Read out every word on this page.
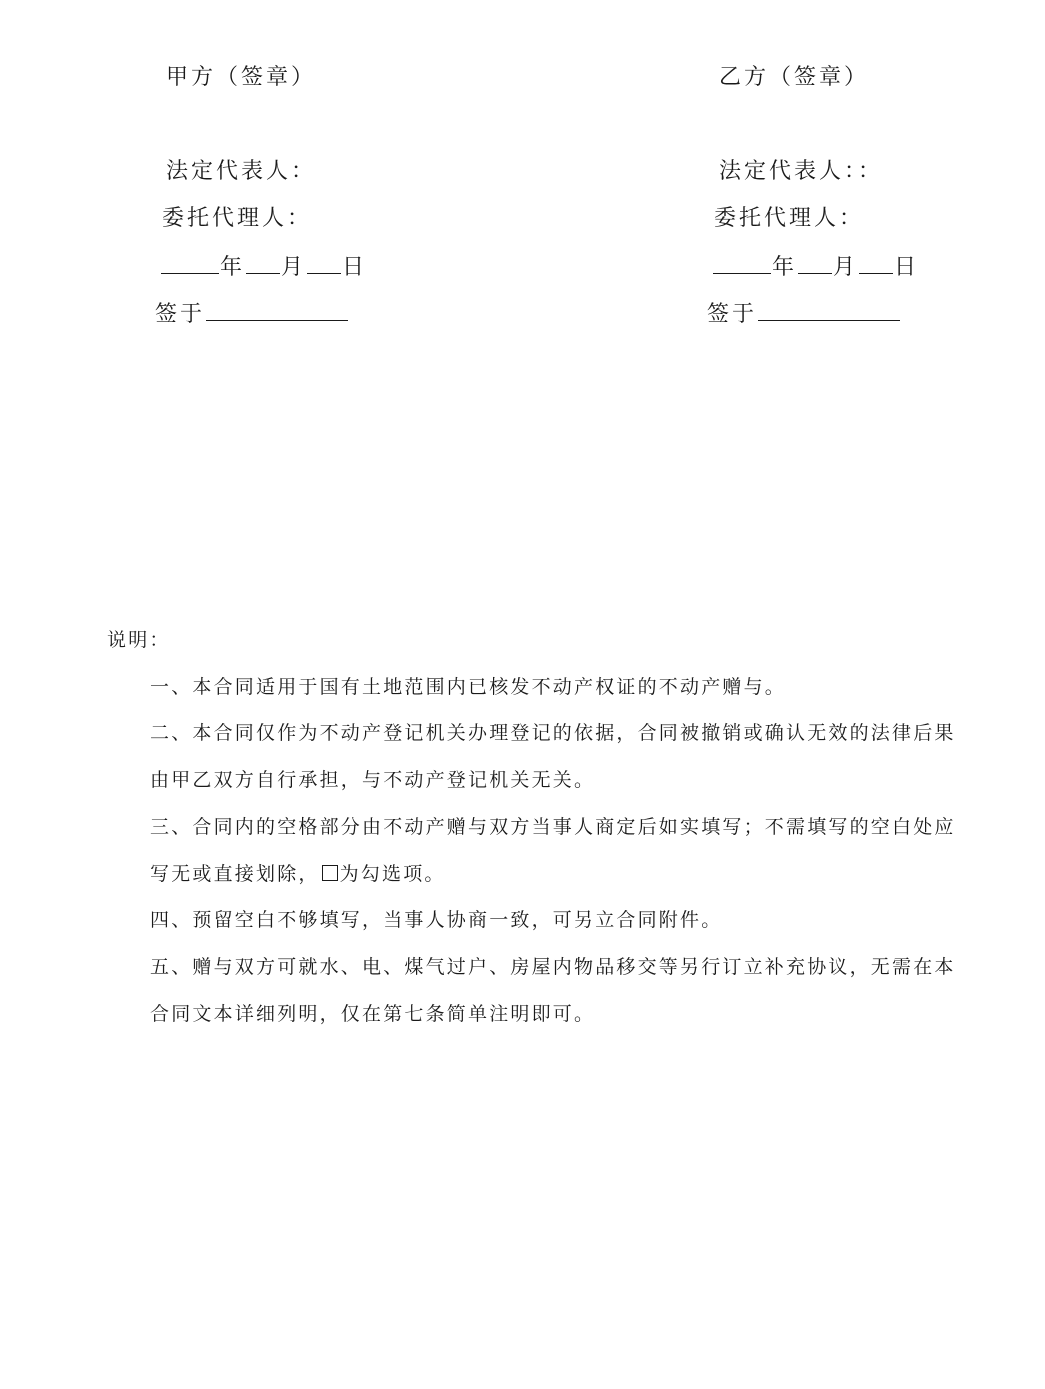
甲方（签章）
法定代表人：
委托代理人：
年 月 日
签于
乙方（签章）
法定代表人：：
委托代理人：
年 月 日
签于
说明：
一、本合同适用于国有土地范围内已核发不动产权证的不动产赠与。
二、本合同仅作为不动产登记机关办理登记的依据，合同被撤销或确认无效的法律后果
由甲乙双方自行承担，与不动产登记机关无关。
三、合同内的空格部分由不动产赠与双方当事人商定后如实填写；不需填写的空白处应
写无或直接划除， 为勾选项。
四、预留空白不够填写，当事人协商一致，可另立合同附件。
五、赠与双方可就水、电、煤气过户、房屋内物品移交等另行订立补充协议，无需在本
合同文本详细列明，仅在第七条简单注明即可。
